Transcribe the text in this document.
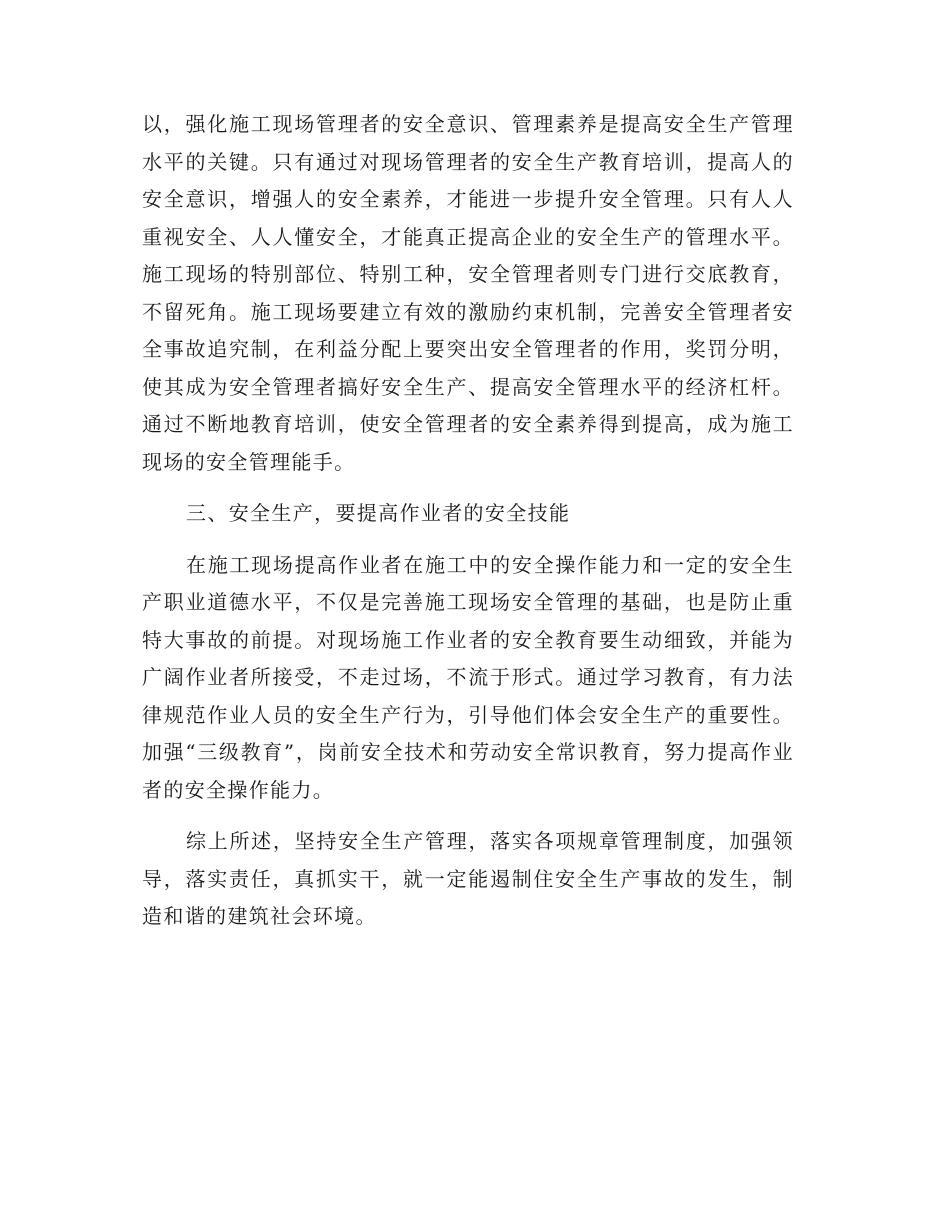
以，强化施工现场管理者的安全意识、管理素养是提高安全生产管理水平的关键。只有通过对现场管理者的安全生产教育培训，提高人的安全意识，增强人的安全素养，才能进一步提升安全管理。只有人人重视安全、人人懂安全，才能真正提高企业的安全生产的管理水平。施工现场的特别部位、特别工种，安全管理者则专门进行交底教育，不留死角。施工现场要建立有效的激励约束机制，完善安全管理者安全事故追究制，在利益分配上要突出安全管理者的作用，奖罚分明，使其成为安全管理者搞好安全生产、提高安全管理水平的经济杠杆。通过不断地教育培训，使安全管理者的安全素养得到提高，成为施工现场的安全管理能手。

三、安全生产，要提高作业者的安全技能

在施工现场提高作业者在施工中的安全操作能力和一定的安全生产职业道德水平，不仅是完善施工现场安全管理的基础，也是防止重特大事故的前提。对现场施工作业者的安全教育要生动细致，并能为广阔作业者所接受，不走过场，不流于形式。通过学习教育，有力法律规范作业人员的安全生产行为，引导他们体会安全生产的重要性。加强“三级教育”，岗前安全技术和劳动安全常识教育，努力提高作业者的安全操作能力。

综上所述，坚持安全生产管理，落实各项规章管理制度，加强领导，落实责任，真抓实干，就一定能遏制住安全生产事故的发生，制造和谐的建筑社会环境。
